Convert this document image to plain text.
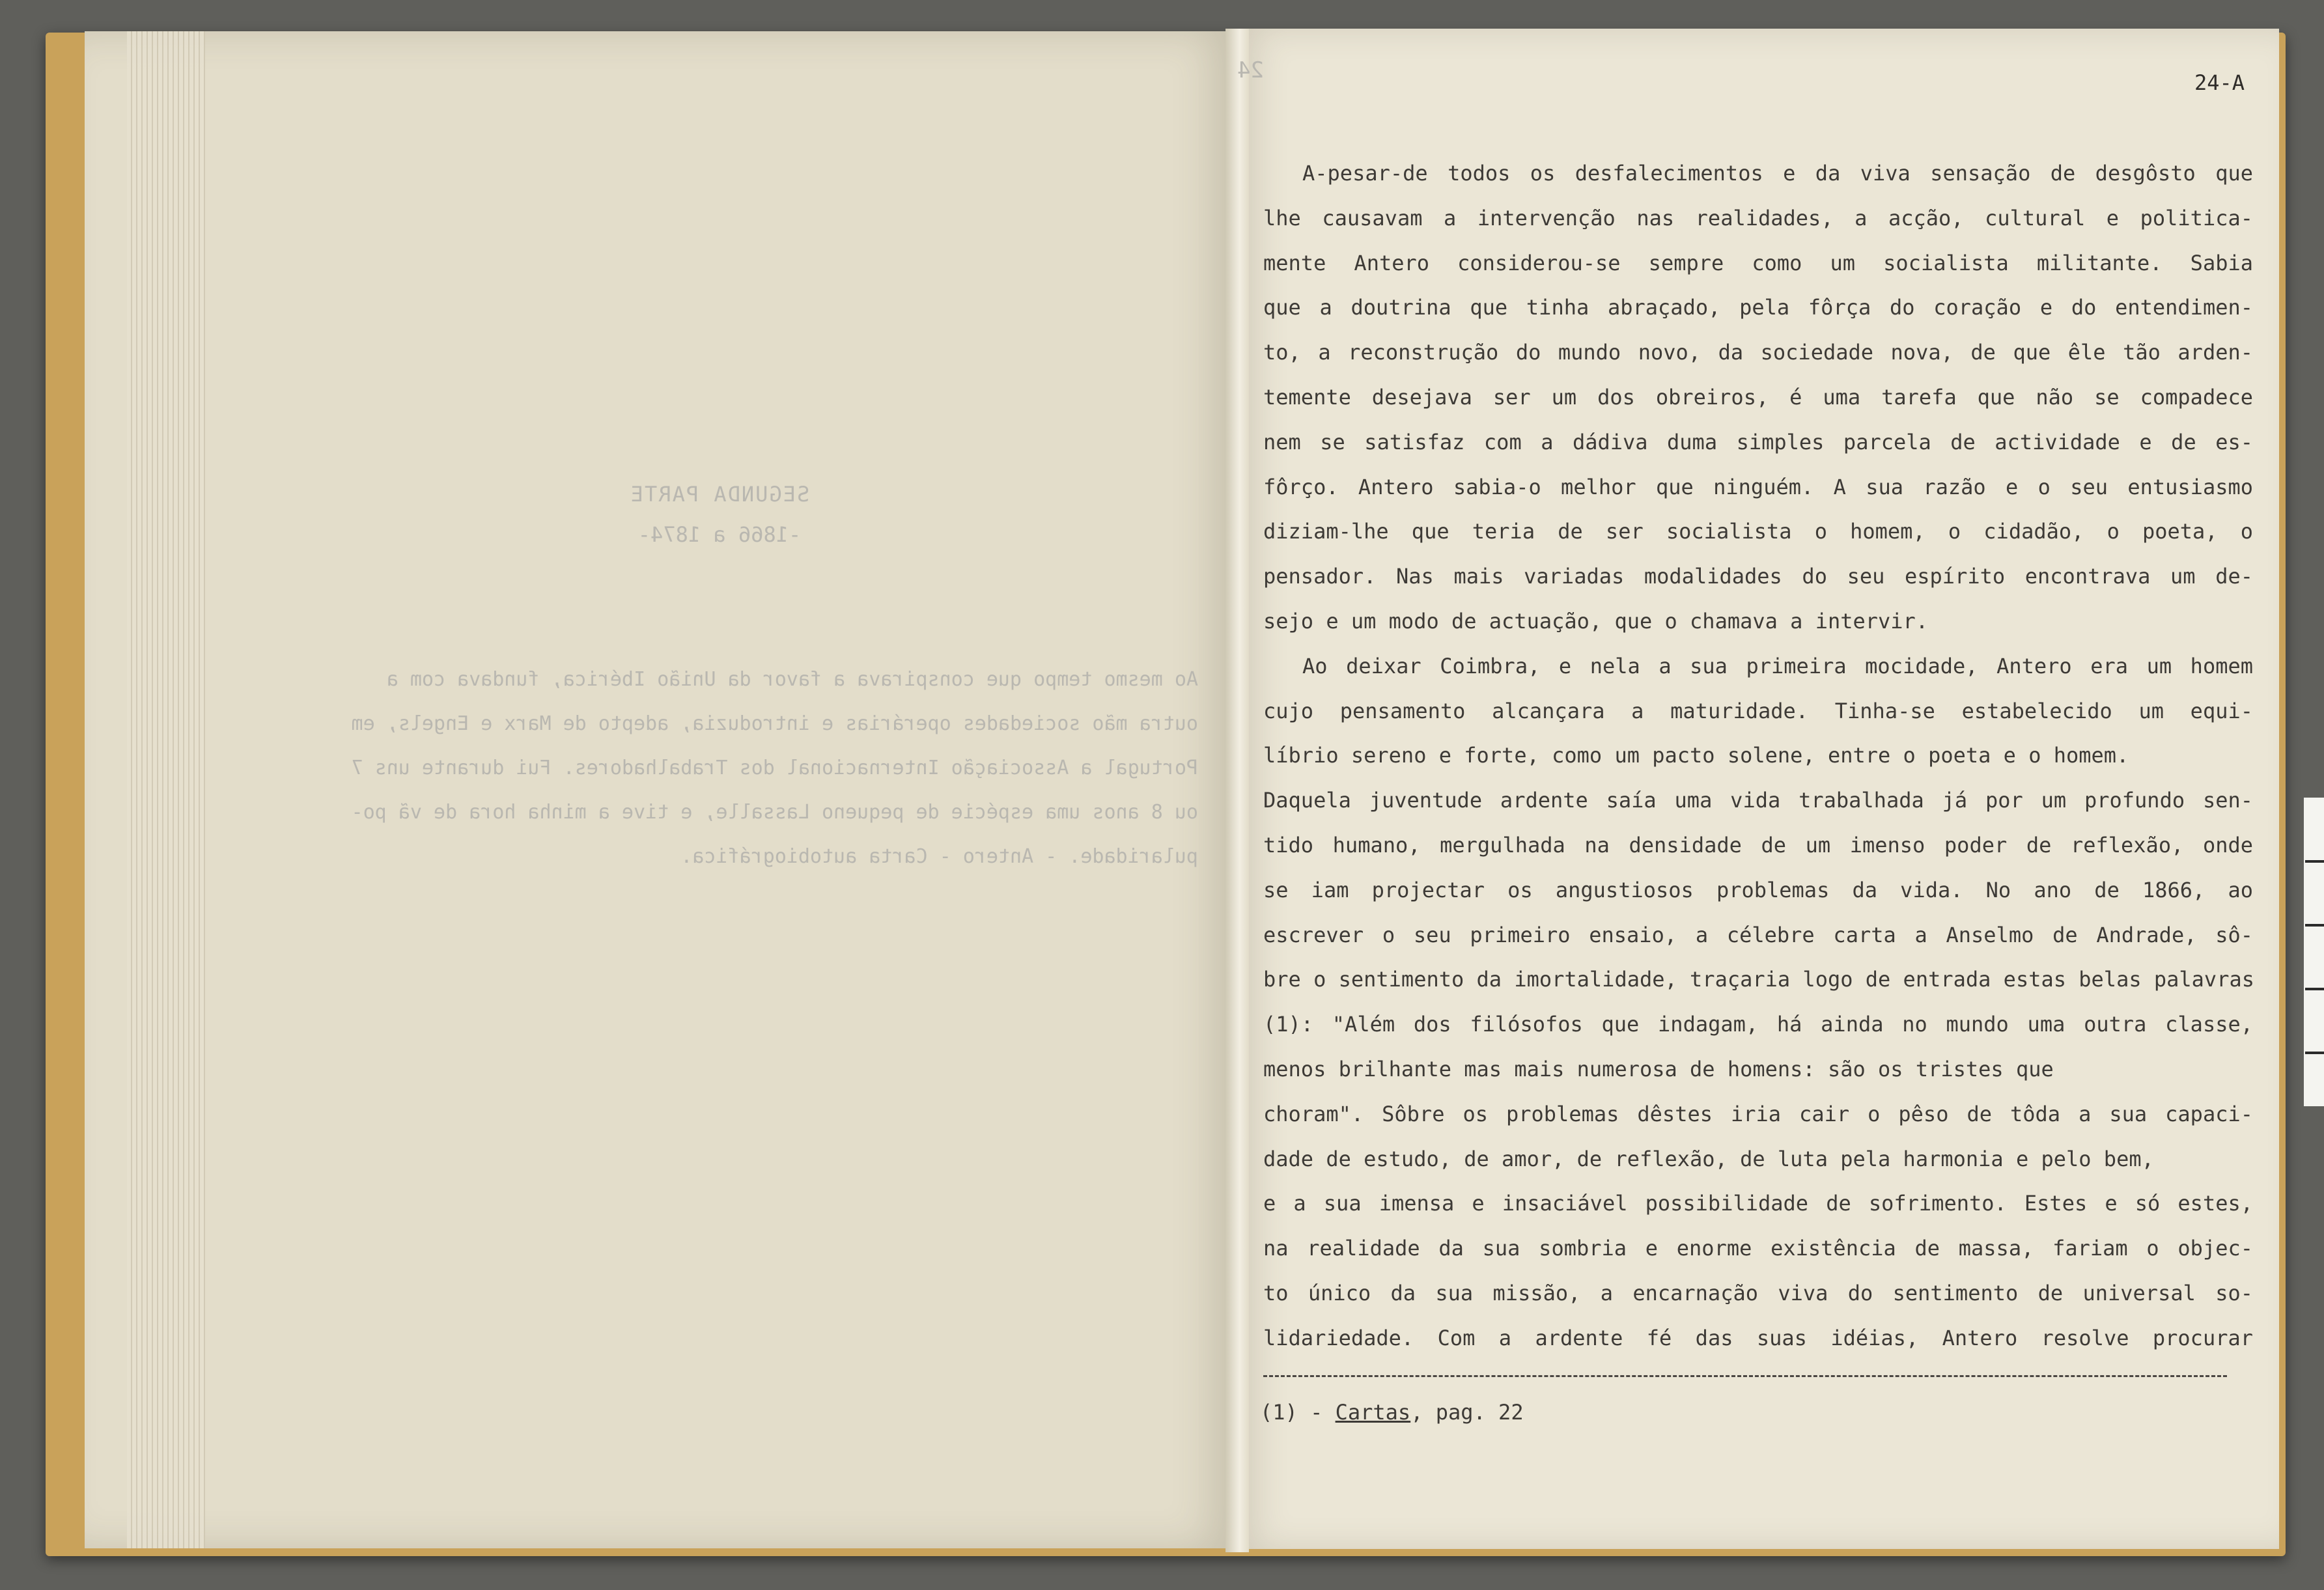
24
SEGUNDA PARTE
-1866 a 1874-
Ao mesmo tempo que conspirava a favor da União Ibérica, fundava com a
outra mão sociedades operárias e introduzia, adepto de Marx e Engels, em
Portugal a Associação Internacional dos Trabalhadores. Fui durante uns 7
ou 8 anos uma espécie de pequeno Lassalle, e tive a minha hora de vã po-
pularidade. - Antero - Carta autobiográfica.
24-A
A-pesar-de todos os desfalecimentos e da viva sensação de desgôsto que
lhe causavam a intervenção nas realidades, a acção, cultural e politica-
mente Antero considerou-se sempre como um socialista militante. Sabia
que a doutrina que tinha abraçado, pela fôrça do coração e do entendimen-
to, a reconstrução do mundo novo, da sociedade nova, de que êle tão arden-
temente desejava ser um dos obreiros, é uma tarefa que não se compadece
nem se satisfaz com a dádiva duma simples parcela de actividade e de es-
fôrço. Antero sabia-o melhor que ninguém. A sua razão e o seu entusiasmo
diziam-lhe que teria de ser socialista o homem, o cidadão, o poeta, o
pensador. Nas mais variadas modalidades do seu espírito encontrava um de-
sejo e um modo de actuação, que o chamava a intervir.
Ao deixar Coimbra, e nela a sua primeira mocidade, Antero era um homem
cujo pensamento alcançara a maturidade. Tinha-se estabelecido um equi-
líbrio sereno e forte, como um pacto solene, entre o poeta e o homem.
Daquela juventude ardente saía uma vida trabalhada já por um profundo sen-
tido humano, mergulhada na densidade de um imenso poder de reflexão, onde
se iam projectar os angustiosos problemas da vida. No ano de 1866, ao
escrever o seu primeiro ensaio, a célebre carta a Anselmo de Andrade, sô-
bre o sentimento da imortalidade, traçaria logo de entrada estas belas palavras
(1): "Além dos filósofos que indagam, há ainda no mundo uma outra classe,
menos brilhante mas mais numerosa de homens: são os tristes que
choram". Sôbre os problemas dêstes iria cair o pêso de tôda a sua capaci-
dade de estudo, de amor, de reflexão, de luta pela harmonia e pelo bem,
e a sua imensa e insaciável possibilidade de sofrimento. Estes e só estes,
na realidade da sua sombria e enorme existência de massa, fariam o objec-
to único da sua missão, a encarnação viva do sentimento de universal so-
lidariedade. Com a ardente fé das suas idéias, Antero resolve procurar
(1) - Cartas, pag. 22
